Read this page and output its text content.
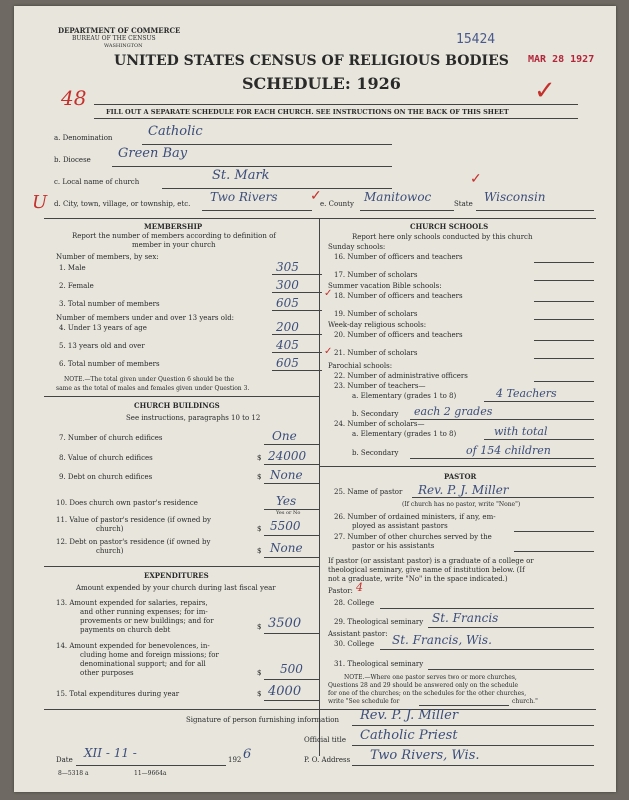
DEPARTMENT OF COMMERCE
BUREAU OF THE CENSUS
WASHINGTON
UNITED STATES CENSUS OF RELIGIOUS BODIES
SCHEDULE: 1926
15424
MAR 28 1927
48	✓
FILL OUT A SEPARATE SCHEDULE FOR EACH CHURCH. SEE INSTRUCTIONS ON THE BACK OF THIS SHEET
a. Denomination	Catholic
b. Diocese Green Bay
c. Local name of church	St. Mark
U d. City, town, village, or township, etc. Two Rivers ✓
e. County Manitowoc
✓
State Wisconsin
MEMBERSHIP
Report the number of members according to definition of
member in your church
Number of members, by sex:
1. Male	305
2. Female	300
3. Total number of members	605
Number of members under and over 13 years old:
4. Under 13 years of age	200
5. 13 years old and over	405
6. Total number of members	605
NOTE.—The total given under Question 6 should be the
same as the total of males and females given under Question 3.
CHURCH BUILDINGS
See instructions, paragraphs 10 to 12
7. Number of church edifices	One
8. Value of church edifices	$ 24000
9. Debt on church edifices	$ None
10. Does church own pastor's residence	Yes
Yes or No
11. Value of pastor's residence (if owned by
church)	$ 5500
12. Debt on pastor's residence (if owned by
church)	$ None
EXPENDITURES
Amount expended by your church during last fiscal year
13. Amount expended for salaries, repairs,
and other running expenses; for im-
provements or new buildings; and for
payments on church debt	$ 3500
14. Amount expended for benevolences, in-
cluding home and foreign missions; for
denominational support; and for all
other purposes	$ 500
15. Total expenditures during year	$ 4000
CHURCH SCHOOLS
Report here only schools conducted by this church
Sunday schools:
16. Number of officers and teachers
17. Number of scholars
Summer vacation Bible schools:
18. Number of officers and teachers
19. Number of scholars
Week-day religious schools:
20. Number of officers and teachers
21. Number of scholars
Parochial schools:
22. Number of administrative officers
23. Number of teachers—
a. Elementary (grades 1 to 8)	4 Teachers
b. Secondary each 2 grades
24. Number of scholars—
a. Elementary (grades 1 to 8)	with total
b. Secondary	of 154 children
PASTOR
25. Name of pastor Rev. P. J. Miller
(If church has no pastor, write "None")
26. Number of ordained ministers, if any, em-
ployed as assistant pastors
27. Number of other churches served by the
pastor or his assistants
If pastor (or assistant pastor) is a graduate of a college or
theological seminary, give name of institution below. (If
not a graduate, write "No" in the space indicated.)
Pastor: 4
28. College
29. Theological seminary St. Francis
Assistant pastor:
30. College St. Francis, Wis.
31. Theological seminary
NOTE.—Where one pastor serves two or more churches,
Questions 28 and 29 should be answered only on the schedule
for one of the churches; on the schedules for the other churches,
write "See schedule for	church."
Signature of person furnishing information Rev. P. J. Miller
Official title Catholic Priest
Date XII - 11 -	192 6	P. O. Address Two Rivers, Wis.
8—5318 a	11—9664a
✓
✓
